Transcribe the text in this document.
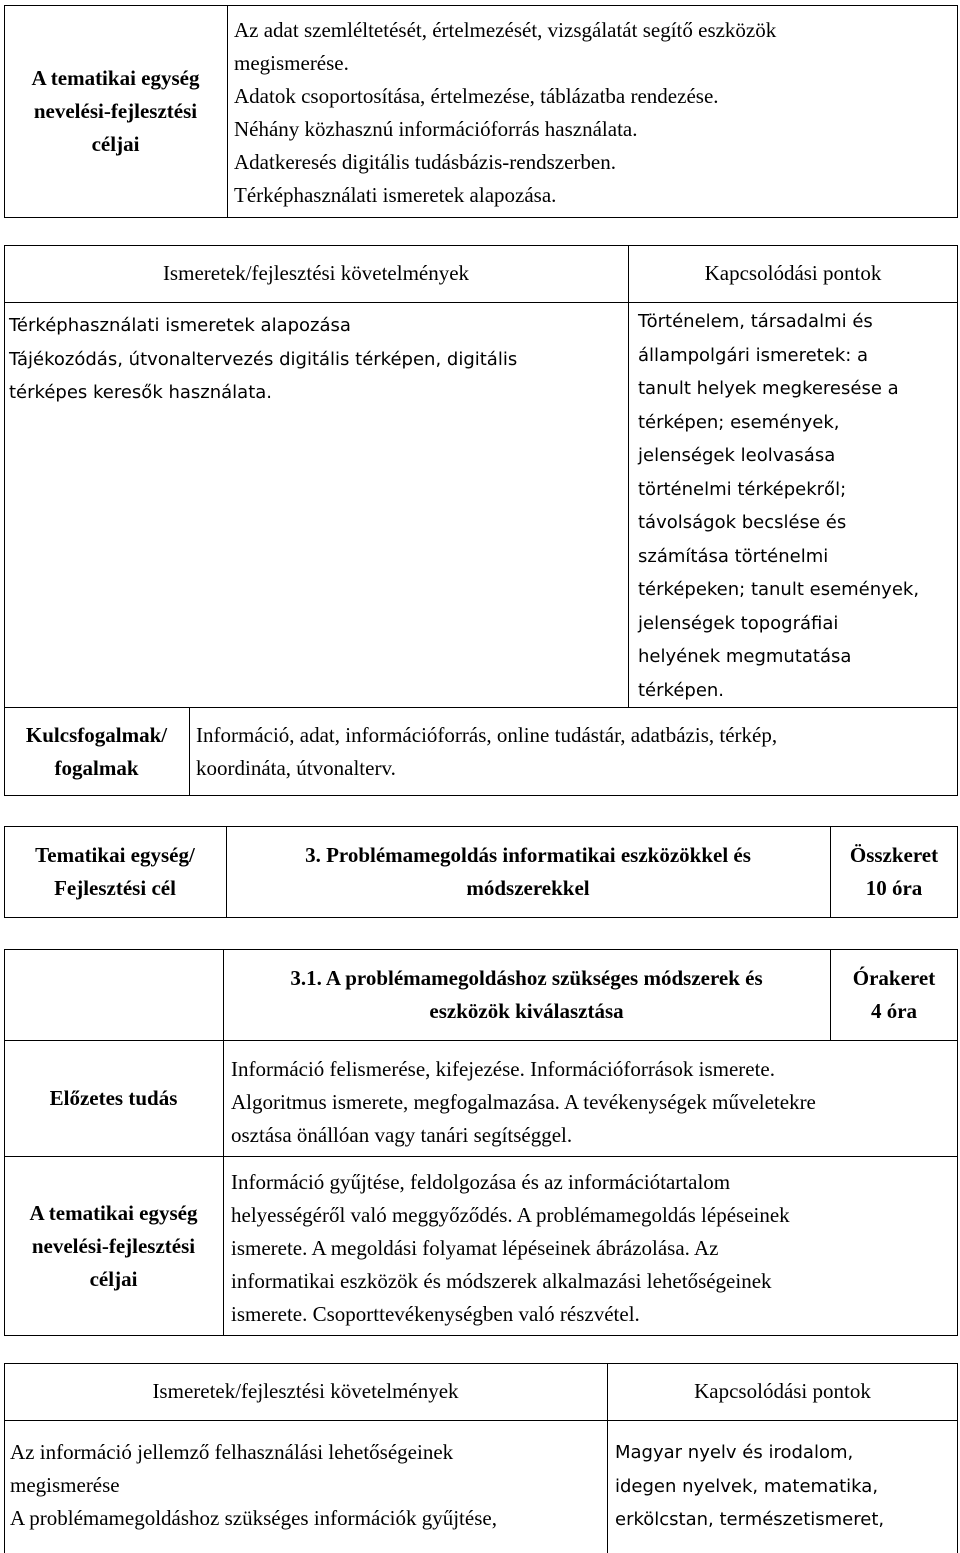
A tematikai egység
nevelési-fejlesztési
céljai
Az adat szemléltetését, értelmezését, vizsgálatát segítő eszközök
megismerése.
Adatok csoportosítása, értelmezése, táblázatba rendezése.
Néhány közhasznú információforrás használata.
Adatkeresés digitális tudásbázis-rendszerben.
Térképhasználati ismeretek alapozása.
Ismeretek/fejlesztési követelmények	Kapcsolódási pontok
Térképhasználati ismeretek alapozása
Tájékozódás, útvonaltervezés digitális térképen, digitális
térképes keresők használata.
Történelem, társadalmi és
állampolgári ismeretek: a
tanult helyek megkeresése a
térképen; események,
jelenségek leolvasása
történelmi térképekről;
távolságok becslése és
számítása történelmi
térképeken; tanult események,
jelenségek topográfiai
helyének megmutatása
térképen.
Kulcsfogalmak/
fogalmak
Információ, adat, információforrás, online tudástár, adatbázis, térkép,
koordináta, útvonalterv.
Tematikai egység/
Fejlesztési cél
3. Problémamegoldás informatikai eszközökkel és
módszerekkel
Összkeret
10 óra
3.1. A problémamegoldáshoz szükséges módszerek és
eszközök kiválasztása
Órakeret
4 óra
Előzetes tudás
Információ felismerése, kifejezése. Információforrások ismerete.
Algoritmus ismerete, megfogalmazása. A tevékenységek műveletekre
osztása önállóan vagy tanári segítséggel.
A tematikai egység
nevelési-fejlesztési
céljai
Információ gyűjtése, feldolgozása és az információtartalom
helyességéről való meggyőződés. A problémamegoldás lépéseinek
ismerete. A megoldási folyamat lépéseinek ábrázolása. Az
informatikai eszközök és módszerek alkalmazási lehetőségeinek
ismerete. Csoporttevékenységben való részvétel.
Ismeretek/fejlesztési követelmények	Kapcsolódási pontok
Az információ jellemző felhasználási lehetőségeinek
megismerése
A problémamegoldáshoz szükséges információk gyűjtése,
Magyar nyelv és irodalom,
idegen nyelvek, matematika,
erkölcstan, természetismeret,
